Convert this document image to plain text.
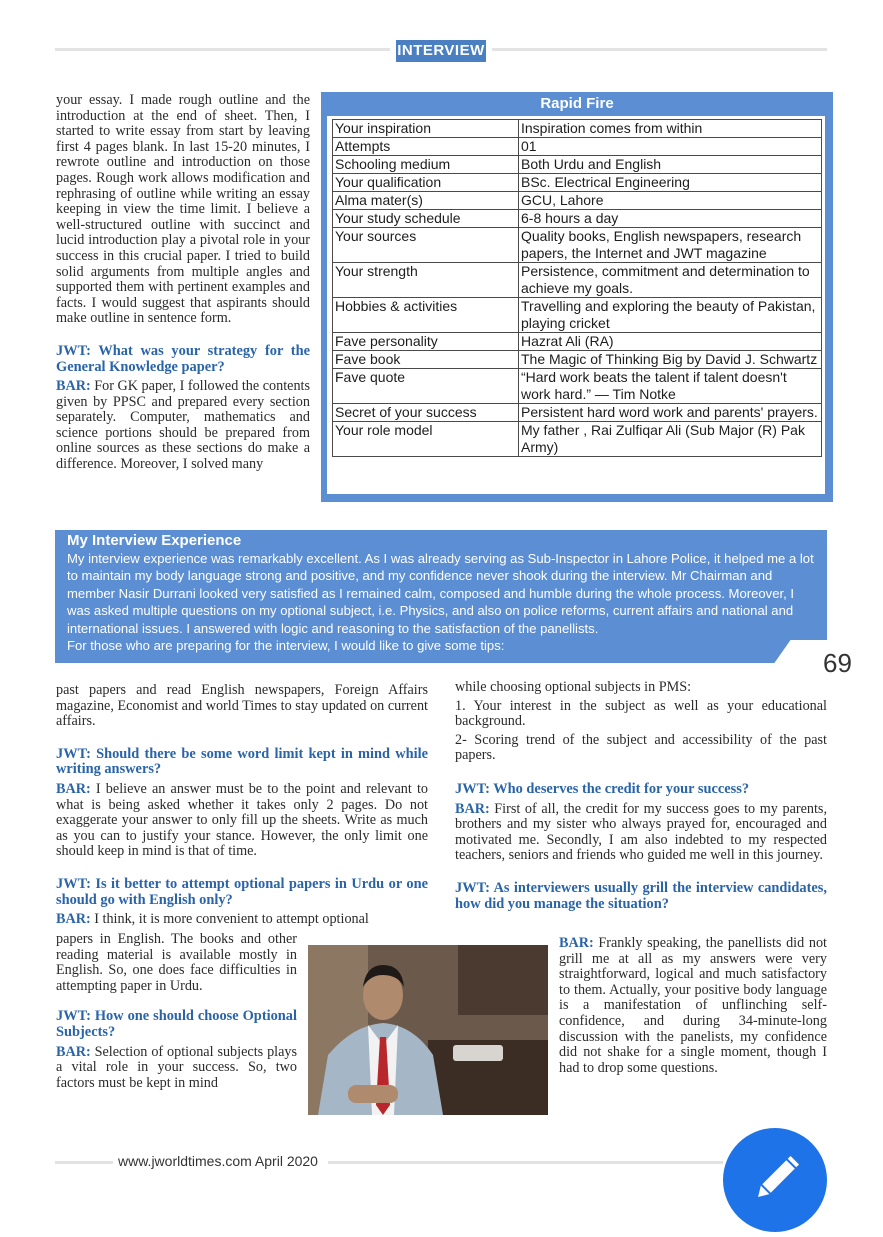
INTERVIEW

your essay. I made rough outline and the introduction at the end of sheet. Then, I started to write essay from start by leaving first 4 pages blank. In last 15-20 minutes, I rewrote outline and introduction on those pages. Rough work allows modification and rephrasing of outline while writing an essay keeping in view the time limit. I believe a well-structured outline with succinct and lucid introduction play a pivotal role in your success in this crucial paper. I tried to build solid arguments from multiple angles and supported them with pertinent examples and facts. I would suggest that aspirants should make outline in sentence form.

JWT: What was your strategy for the General Knowledge paper?

BAR: For GK paper, I followed the contents given by PPSC and prepared every section separately. Computer, mathematics and science portions should be prepared from online sources as these sections do make a difference. Moreover, I solved many

Rapid Fire
Your inspiration	Inspiration comes from within
Attempts	01
Schooling medium	Both Urdu and English
Your qualification	BSc. Electrical Engineering
Alma mater(s)	GCU, Lahore
Your study schedule	6-8 hours a day
Your sources	Quality books, English newspapers, research papers, the Internet and JWT magazine
Your strength	Persistence, commitment and determination to achieve my goals.
Hobbies & activities	Travelling and exploring the beauty of Pakistan, playing cricket
Fave personality	Hazrat Ali (RA)
Fave book	The Magic of Thinking Big by David J. Schwartz
Fave quote	“Hard work beats the talent if talent doesn't work hard.” — Tim Notke
Secret of your success	Persistent hard word work and parents' prayers.
Your role model	My father , Rai Zulfiqar Ali (Sub Major (R) Pak Army)
My Interview Experience
My interview experience was remarkably excellent. As I was already serving as Sub-Inspector in Lahore Police, it helped me a lot to maintain my body language strong and positive, and my confidence never shook during the interview. Mr Chairman and member Nasir Durrani looked very satisfied as I remained calm, composed and humble during the whole process. Moreover, I was asked multiple questions on my optional subject, i.e. Physics, and also on police reforms, current affairs and national and international issues. I answered with logic and reasoning to the satisfaction of the panellists.
For those who are preparing for the interview, I would like to give some tips:
69

past papers and read English newspapers, Foreign Affairs magazine, Economist and world Times to stay updated on current affairs.

JWT: Should there be some word limit kept in mind while writing answers?

BAR: I believe an answer must be to the point and relevant to what is being asked whether it takes only 2 pages. Do not exaggerate your answer to only fill up the sheets. Write as much as you can to justify your stance. However, the only limit one should keep in mind is that of time.

JWT: Is it better to attempt optional papers in Urdu or one should go with English only?

BAR: I think, it is more convenient to attempt optional

papers in English. The books and other reading material is available mostly in English. So, one does face difficulties in attempting paper in Urdu.

JWT: How one should choose Optional Subjects?

BAR: Selection of optional subjects plays a vital role in your success. So, two factors must be kept in mind

while choosing optional subjects in PMS:

1. Your interest in the subject as well as your educational background.

2- Scoring trend of the subject and accessibility of the past papers.

JWT: Who deserves the credit for your success?

BAR: First of all, the credit for my success goes to my parents, brothers and my sister who always prayed for, encouraged and motivated me. Secondly, I am also indebted to my respected teachers, seniors and friends who guided me well in this journey.

JWT: As interviewers usually grill the interview candidates, how did you manage the situation?

BAR: Frankly speaking, the panellists did not grill me at all as my answers were very straightforward, logical and much satisfactory to them. Actually, your positive body language is a manifestation of unflinching self-confidence, and during 34-minute-long discussion with the panelists, my confidence did not shake for a single moment, though I had to drop some questions.

www.jworldtimes.com April 2020
